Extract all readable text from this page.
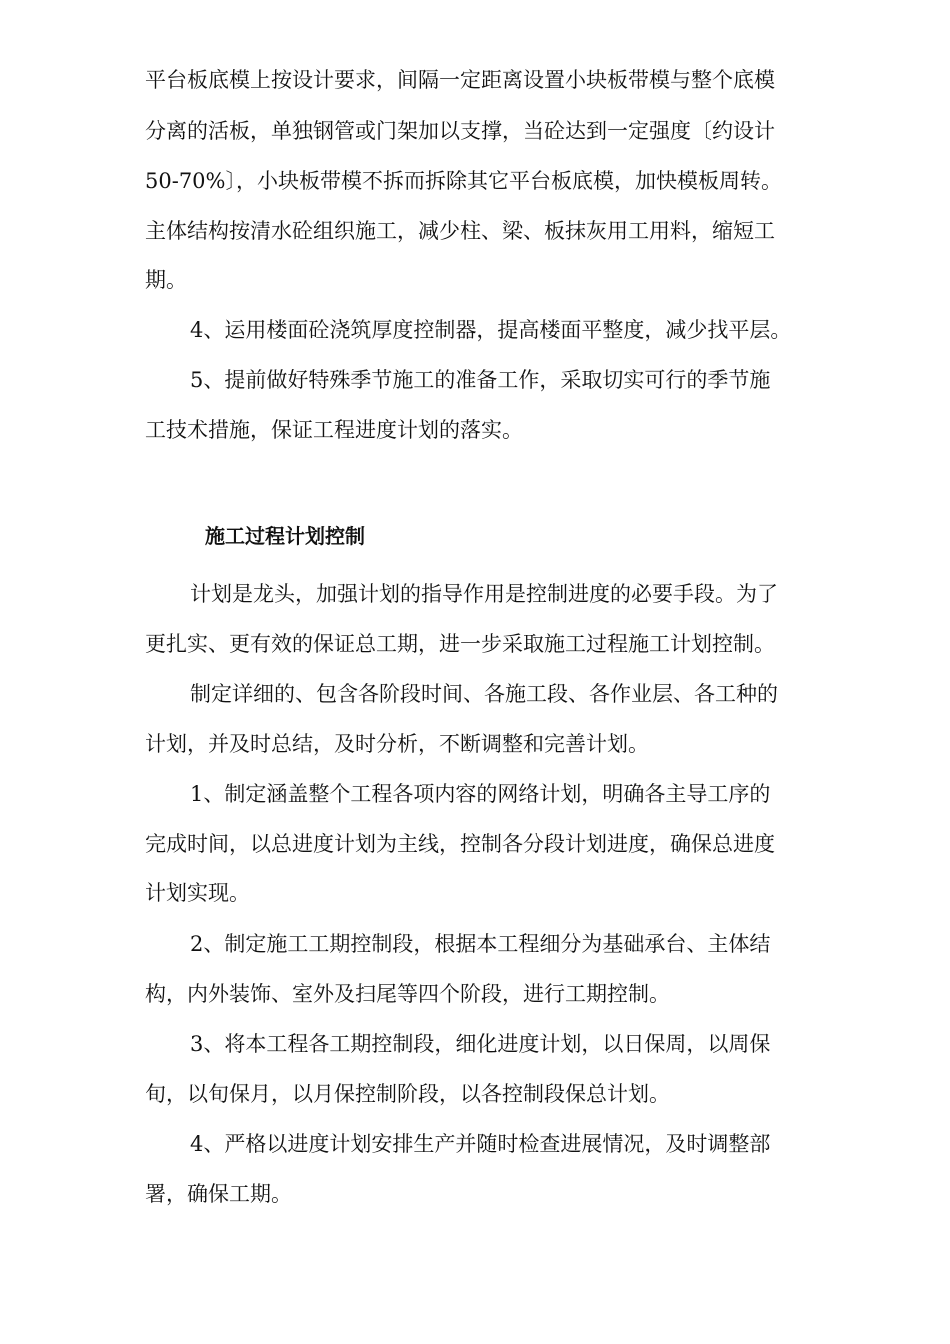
平台板底模上按设计要求，间隔一定距离设置小块板带模与整个底模
分离的活板，单独钢管或门架加以支撑，当砼达到一定强度〔约设计
50-70%〕，小块板带模不拆而拆除其它平台板底模，加快模板周转。
主体结构按清水砼组织施工，减少柱、梁、板抹灰用工用料，缩短工
期。
4、运用楼面砼浇筑厚度控制器，提高楼面平整度，减少找平层。
5、提前做好特殊季节施工的准备工作，采取切实可行的季节施
工技术措施，保证工程进度计划的落实。
施工过程计划控制
计划是龙头，加强计划的指导作用是控制进度的必要手段。为了
更扎实、更有效的保证总工期，进一步采取施工过程施工计划控制。
制定详细的、包含各阶段时间、各施工段、各作业层、各工种的
计划，并及时总结，及时分析，不断调整和完善计划。
1、制定涵盖整个工程各项内容的网络计划，明确各主导工序的
完成时间，以总进度计划为主线，控制各分段计划进度，确保总进度
计划实现。
2、制定施工工期控制段，根据本工程细分为基础承台、主体结
构，内外装饰、室外及扫尾等四个阶段，进行工期控制。
3、将本工程各工期控制段，细化进度计划，以日保周，以周保
旬，以旬保月，以月保控制阶段，以各控制段保总计划。
4、严格以进度计划安排生产并随时检查进展情况，及时调整部
署，确保工期。
